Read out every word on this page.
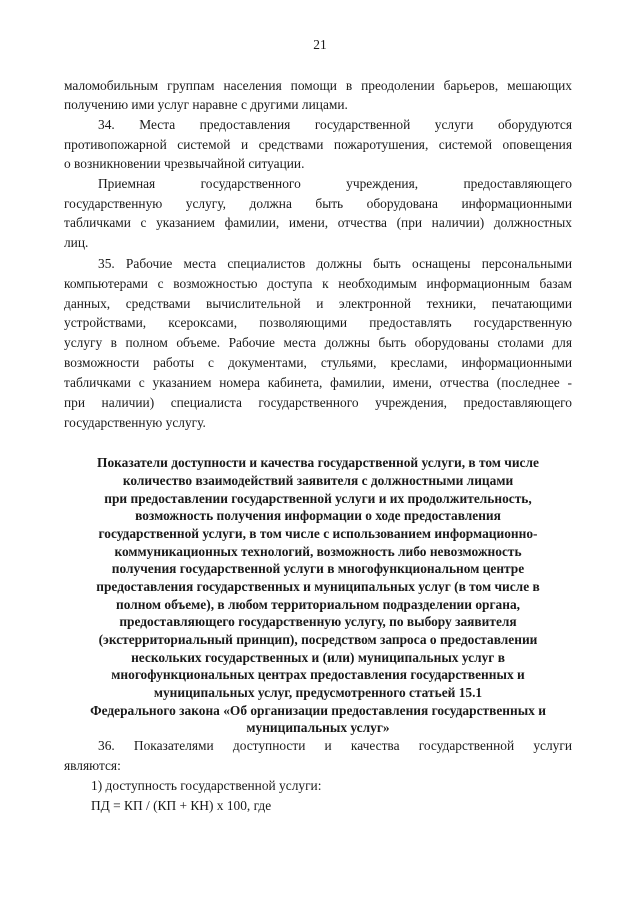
21
маломобильным группам населения помощи в преодолении барьеров, мешающих
получению ими услуг наравне с другими лицами.
34. Места предоставления государственной услуги оборудуются
противопожарной системой и средствами пожаротушения, системой оповещения
о возникновении чрезвычайной ситуации.
Приемная государственного учреждения, предоставляющего
государственную услугу, должна быть оборудована информационными
табличками с указанием фамилии, имени, отчества (при наличии) должностных
лиц.
35. Рабочие места специалистов должны быть оснащены персональными
компьютерами с возможностью доступа к необходимым информационным базам
данных, средствами вычислительной и электронной техники, печатающими
устройствами, ксероксами, позволяющими предоставлять государственную
услугу в полном объеме. Рабочие места должны быть оборудованы столами для
возможности работы с документами, стульями, креслами, информационными
табличками с указанием номера кабинета, фамилии, имени, отчества (последнее -
при наличии) специалиста государственного учреждения, предоставляющего
государственную услугу.
Показатели доступности и качества государственной услуги, в том числе
количество взаимодействий заявителя с должностными лицами
при предоставлении государственной услуги и их продолжительность,
возможность получения информации о ходе предоставления
государственной услуги, в том числе с использованием информационно-
коммуникационных технологий, возможность либо невозможность
получения государственной услуги в многофункциональном центре
предоставления государственных и муниципальных услуг (в том числе в
полном объеме), в любом территориальном подразделении органа,
предоставляющего государственную услугу, по выбору заявителя
(экстерриториальный принцип), посредством запроса о предоставлении
нескольких государственных и (или) муниципальных услуг в
многофункциональных центрах предоставления государственных и
муниципальных услуг, предусмотренного статьей 15.1
Федерального закона «Об организации предоставления государственных и
муниципальных услуг»
36. Показателями доступности и качества государственной услуги
являются:
1) доступность государственной услуги:
ПД = КП / (КП + КН) х 100, где
